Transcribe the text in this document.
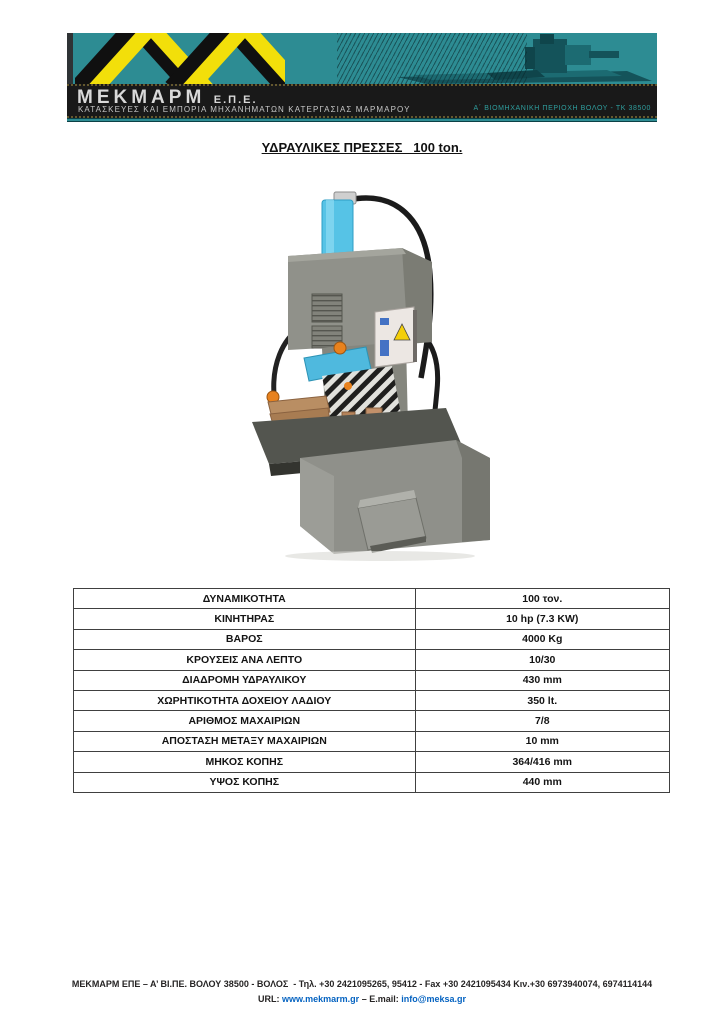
ΜΕΚΜΑΡΜ Ε.Π.Ε.
ΚΑΤΑΣΚΕΥΕΣ ΚΑΙ ΕΜΠΟΡΙΑ ΜΗΧΑΝΗΜΑΤΩΝ ΚΑΤΕΡΓΑΣΙΑΣ ΜΑΡΜΑΡΟΥ	Α΄ ΒΙΟΜΗΧΑΝΙΚΗ ΠΕΡΙΟΧΗ ΒΟΛΟΥ - ΤΚ 38500
ΥΔΡΑΥΛΙΚΕΣ ΠΡΕΣΣΕΣ   100 ton.
ΔΥΝΑΜΙΚΟΤΗΤΑ	100 τον.
ΚΙΝΗΤΗΡΑΣ	10 hp (7.3 KW)
ΒΑΡΟΣ	4000 Kg
ΚΡΟΥΣΕΙΣ ΑΝΑ ΛΕΠΤΟ	10/30
ΔΙΑΔΡΟΜΗ ΥΔΡΑΥΛΙΚΟΥ	430 mm
ΧΩΡΗΤΙΚΟΤΗΤΑ ΔΟΧΕΙΟΥ ΛΑΔΙΟΥ	350 lt.
ΑΡΙΘΜΟΣ ΜΑΧΑΙΡΙΩΝ	7/8
ΑΠΟΣΤΑΣΗ ΜΕΤΑΞΥ ΜΑΧΑΙΡΙΩΝ	10 mm
ΜΗΚΟΣ ΚΟΠΗΣ	364/416 mm
ΥΨΟΣ ΚΟΠΗΣ	440 mm
ΜΕΚΜΑΡΜ ΕΠΕ – Α’ ΒΙ.ΠΕ. ΒΟΛΟΥ 38500 - ΒΟΛΟΣ  - Τηλ. +30 2421095265, 95412 - Fax +30 2421095434 Κιν.+30 6973940074, 6974114144
URL: www.mekmarm.gr – E.mail: info@meksa.gr
